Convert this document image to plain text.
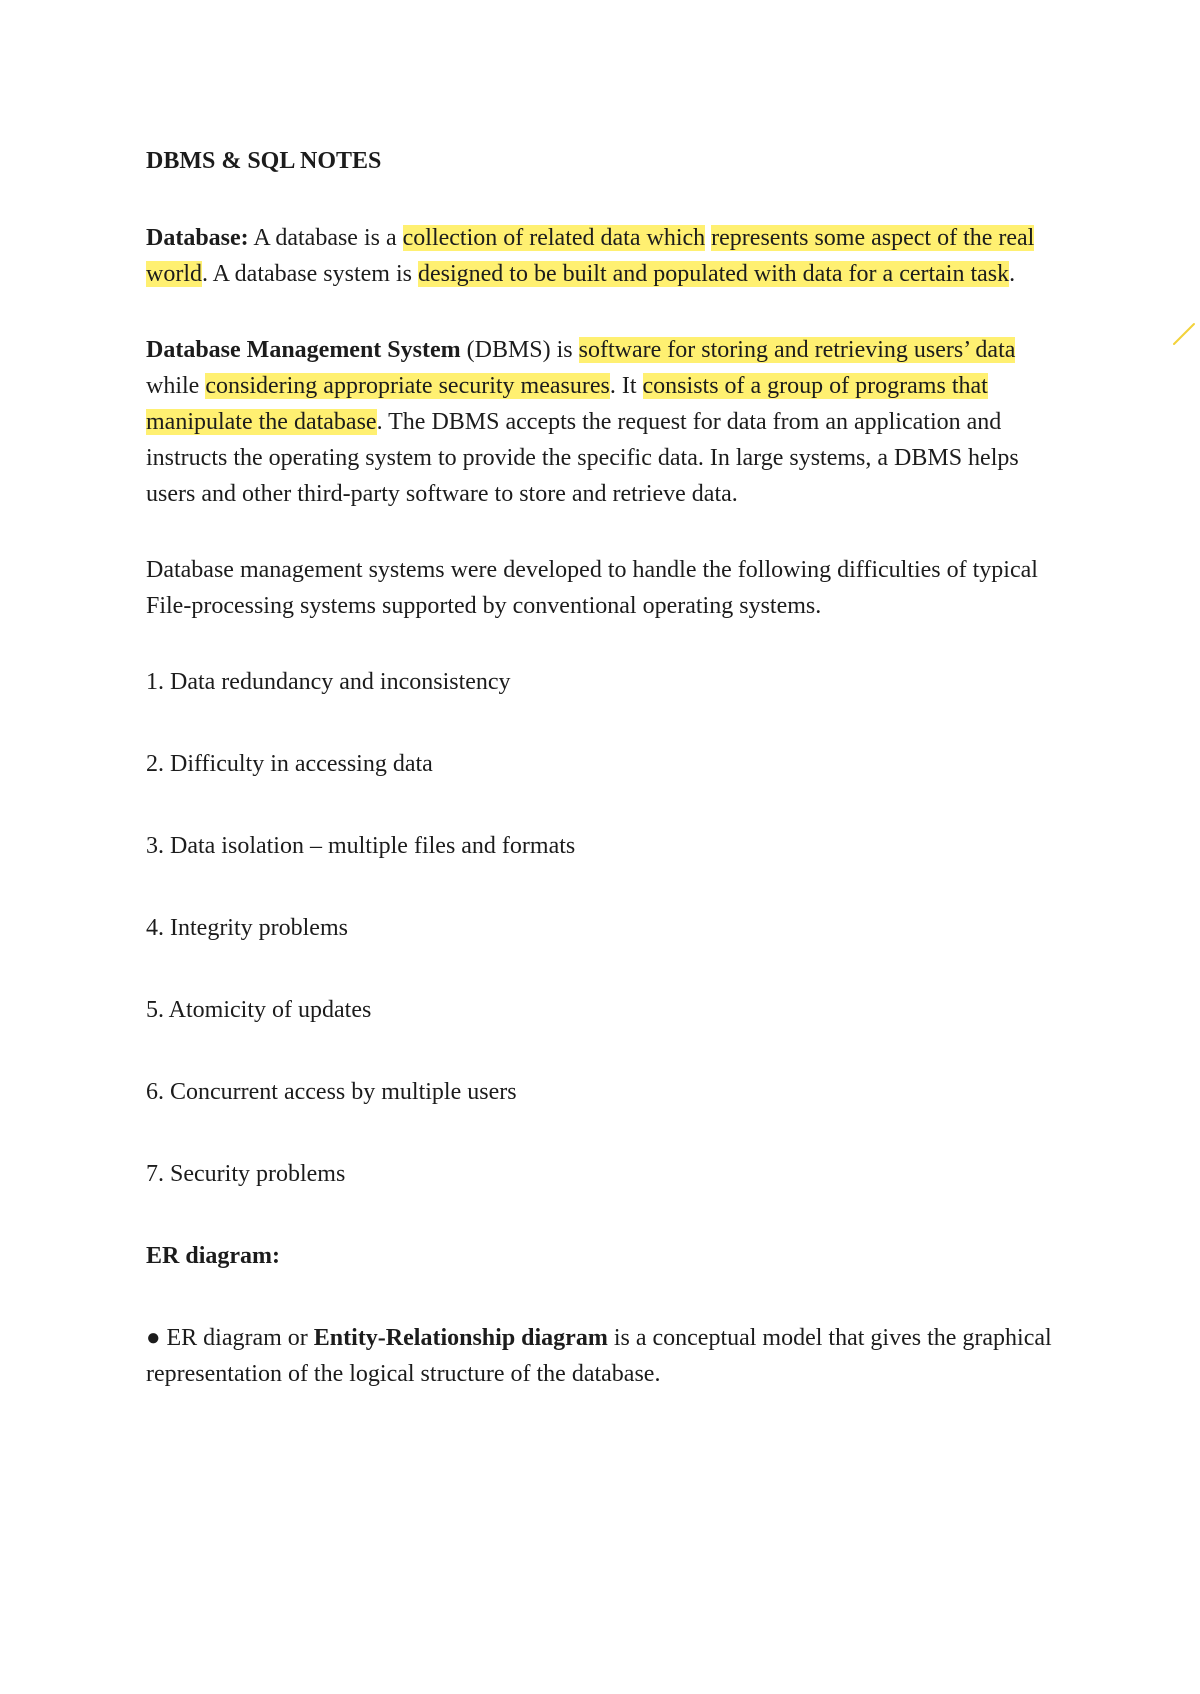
DBMS & SQL NOTES

Database: A database is a collection of related data which represents some aspect of the real world. A database system is designed to be built and populated with data for a certain task.

Database Management System (DBMS) is software for storing and retrieving users’ data while considering appropriate security measures. It consists of a group of programs that manipulate the database. The DBMS accepts the request for data from an application and instructs the operating system to provide the specific data. In large systems, a DBMS helps users and other third-party software to store and retrieve data.

Database management systems were developed to handle the following difficulties of typical File-processing systems supported by conventional operating systems.

1. Data redundancy and inconsistency

2. Difficulty in accessing data

3. Data isolation – multiple files and formats

4. Integrity problems

5. Atomicity of updates

6. Concurrent access by multiple users

7. Security problems

ER diagram:

● ER diagram or Entity-Relationship diagram is a conceptual model that gives the graphical representation of the logical structure of the database.
